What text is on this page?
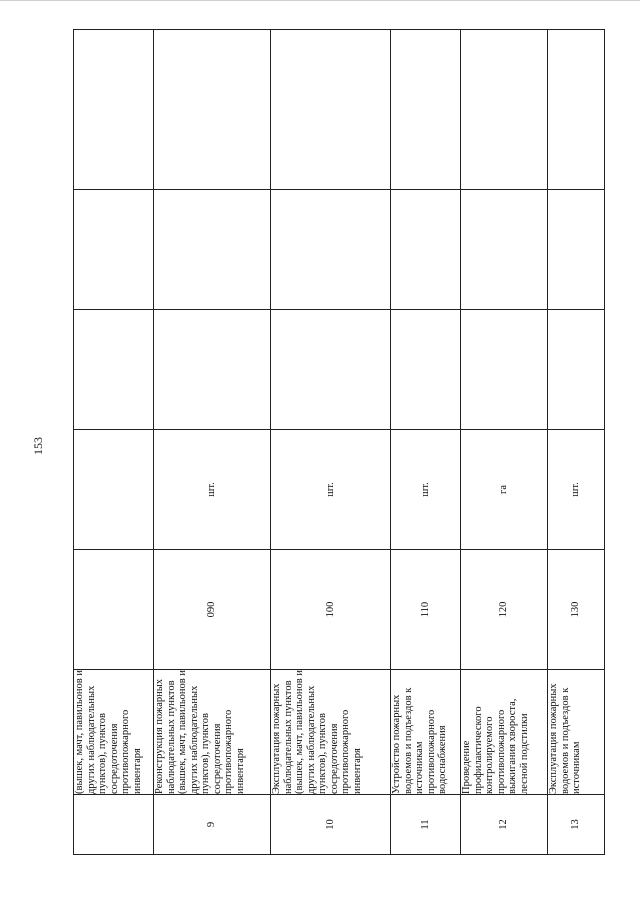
153
	(вышек, мачт, павильонов и других наблюдательных пунктов), пунктов сосредоточения противопожарного инвентаря					
9	Реконструкция пожарных наблюдательных пунктов (вышек, мачт, павильонов и других наблюдательных пунктов), пунктов сосредоточения противопожарного инвентаря	090	шт.			
10	Эксплуатация пожарных наблюдательных пунктов (вышек, мачт, павильонов и других наблюдательных пунктов), пунктов сосредоточения противопожарного инвентаря	100	шт.			
11	Устройство пожарных водоемов и подъездов к источникам противопожарного водоснабжения	110	шт.			
12	Проведение профилактического контролируемого противопожарного выжигания хвороста, лесной подстилки	120	га			
13	Эксплуатация пожарных водоемов и подъездов к источникам	130	шт.			
